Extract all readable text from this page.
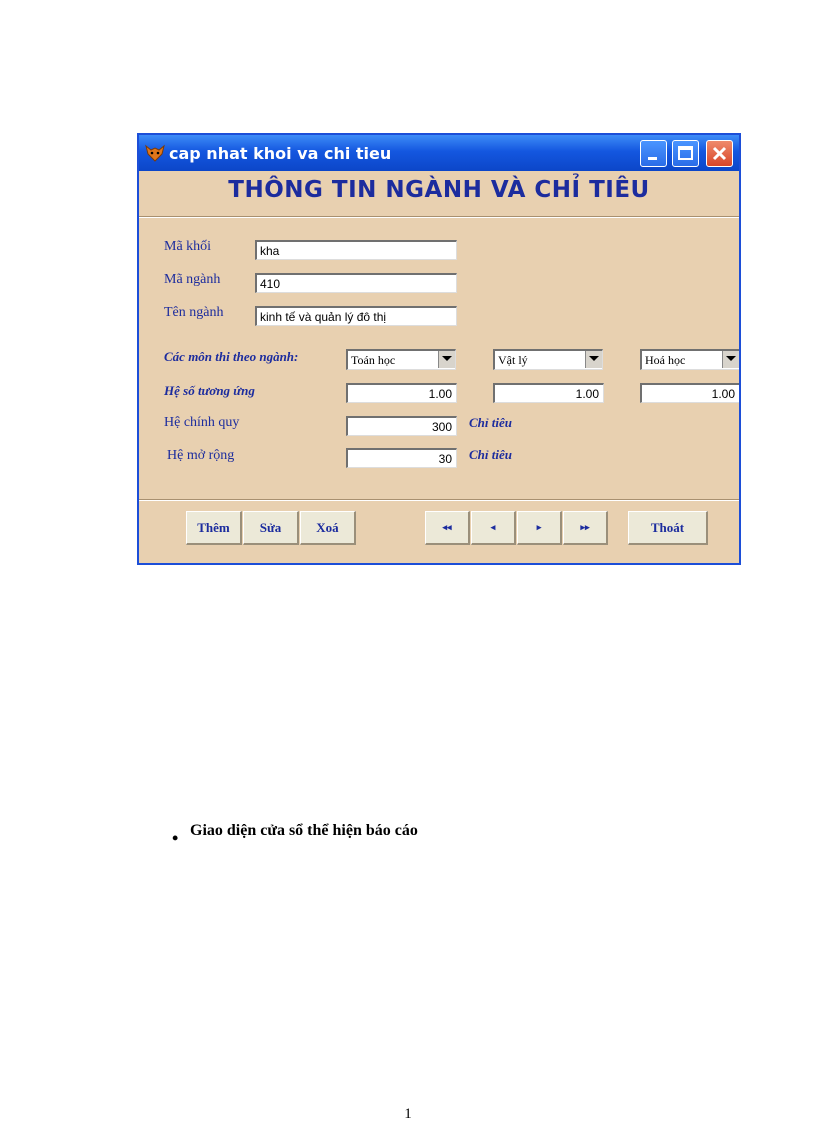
cap nhat khoi va chi tieu
THÔNG TIN NGÀNH VÀ CHỈ TIÊU
Mã khối	kha
Mã ngành	410
Tên ngành	kinh tế và quản lý đô thị
Các môn thi theo ngành:	Toán học	Vật lý	Hoá học
Hệ số tương ứng	1.00	1.00	1.00
Hệ chính quy	300	Chỉ tiêu
Hệ mở rộng	30	Chỉ tiêu
Thêm	Sửa	Xoá	◂◂	◂	▸	▸▸	Thoát
• Giao diện cửa sổ thể hiện báo cáo
1
